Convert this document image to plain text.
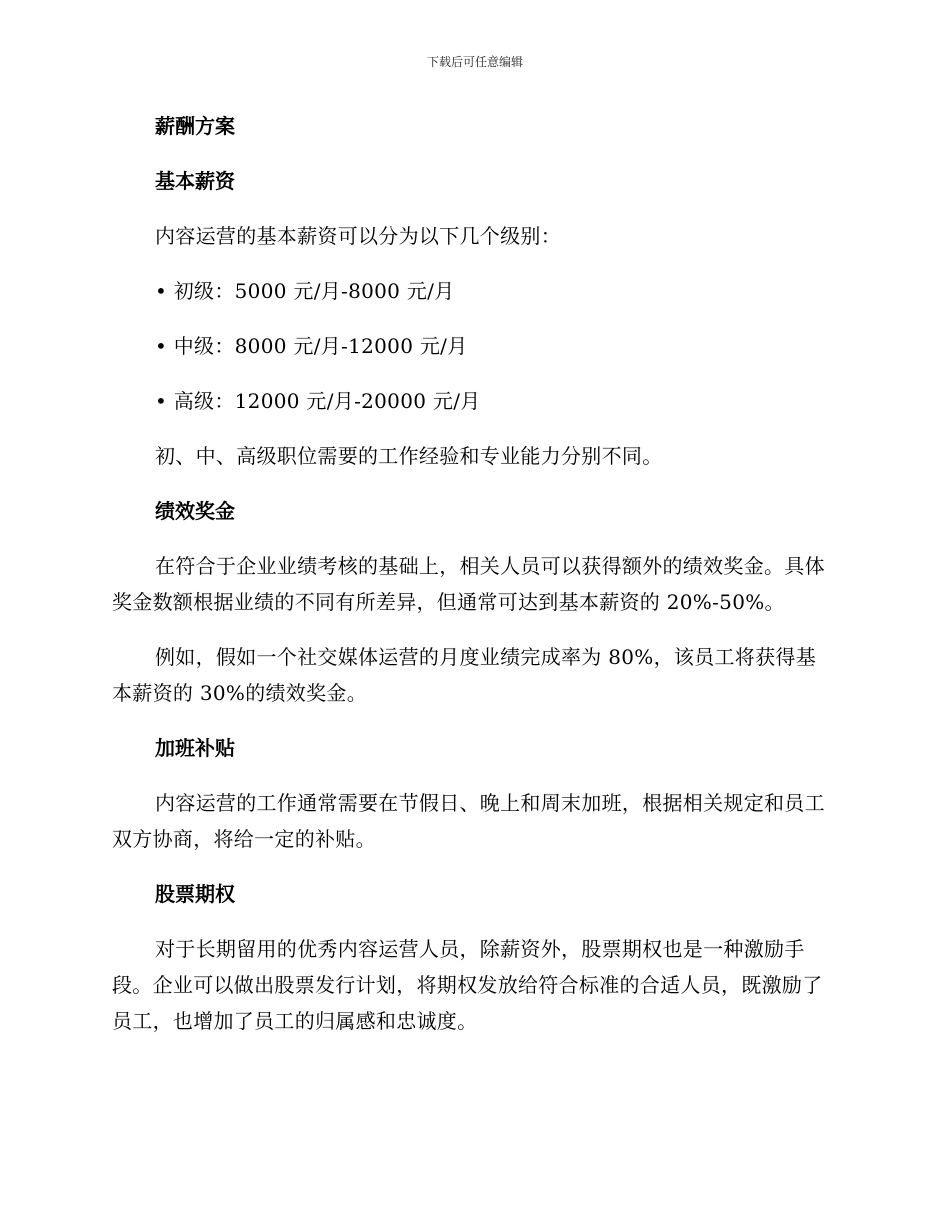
下载后可任意编辑

薪酬方案

基本薪资

内容运营的基本薪资可以分为以下几个级别：

• 初级：5000 元/月-8000 元/月

• 中级：8000 元/月-12000 元/月

• 高级：12000 元/月-20000 元/月

初、中、高级职位需要的工作经验和专业能力分别不同。

绩效奖金

在符合于企业业绩考核的基础上，相关人员可以获得额外的绩效奖金。具体奖金数额根据业绩的不同有所差异，但通常可达到基本薪资的 20%-50%。

例如，假如一个社交媒体运营的月度业绩完成率为 80%，该员工将获得基本薪资的 30%的绩效奖金。

加班补贴

内容运营的工作通常需要在节假日、晚上和周末加班，根据相关规定和员工双方协商，将给一定的补贴。

股票期权

对于长期留用的优秀内容运营人员，除薪资外，股票期权也是一种激励手段。企业可以做出股票发行计划，将期权发放给符合标准的合适人员，既激励了员工，也增加了员工的归属感和忠诚度。
